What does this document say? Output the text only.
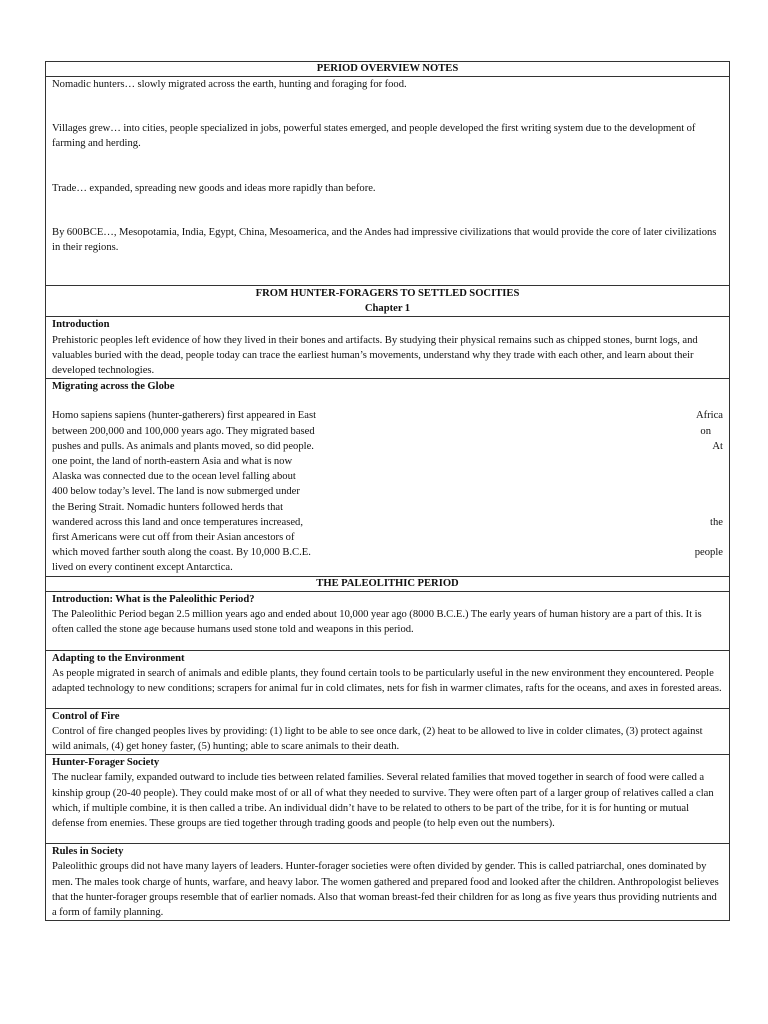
PERIOD OVERVIEW NOTES

Nomadic hunters… slowly migrated across the earth, hunting and foraging for food.

Villages grew… into cities, people specialized in jobs, powerful states emerged, and people developed the first writing system due to the development of farming and herding.

Trade… expanded, spreading new goods and ideas more rapidly than before.

By 600BCE…, Mesopotamia, India, Egypt, China, Mesoamerica, and the Andes had impressive civilizations that would provide the core of later civilizations in their regions.

FROM HUNTER-FORAGERS TO SETTLED SOCITIES
Chapter 1

Introduction

Prehistoric peoples left evidence of how they lived in their bones and artifacts. By studying their physical remains such as chipped stones, burnt logs, and valuables buried with the dead, people today can trace the earliest human’s movements, understand why they trade with each other, and learn about their developed technologies.

Migrating across the Globe
Homo sapiens sapiens (hunter-gatherers) first appeared in East	Africa
between 200,000 and 100,000 years ago. They migrated based	on
pushes and pulls. As animals and plants moved, so did people.	At
one point, the land of north-eastern Asia and what is now
Alaska was connected due to the ocean level falling about
400 below today’s level. The land is now submerged under
the Bering Strait. Nomadic hunters followed herds that
wandered across this land and once temperatures increased,	the
first Americans were cut off from their Asian ancestors of
which moved farther south along the coast. By 10,000 B.C.E.	people
lived on every continent except Antarctica.

THE PALEOLITHIC PERIOD

Introduction: What is the Paleolithic Period?

The Paleolithic Period began 2.5 million years ago and ended about 10,000 year ago (8000 B.C.E.) The early years of human history are a part of this. It is often called the stone age because humans used stone told and weapons in this period.

Adapting to the Environment

As people migrated in search of animals and edible plants, they found certain tools to be particularly useful in the new environment they encountered. People adapted technology to new conditions; scrapers for animal fur in cold climates, nets for fish in warmer climates, rafts for the oceans, and axes in forested areas.

Control of Fire

Control of fire changed peoples lives by providing: (1) light to be able to see once dark, (2) heat to be allowed to live in colder climates, (3) protect against wild animals, (4) get honey faster, (5) hunting; able to scare animals to their death.

Hunter-Forager Society

The nuclear family, expanded outward to include ties between related families. Several related families that moved together in search of food were called a kinship group (20-40 people). They could make most of or all of what they needed to survive. They were often part of a larger group of relatives called a clan which, if multiple combine, it is then called a tribe. An individual didn’t have to be related to others to be part of the tribe, for it is for hunting or mutual defense from enemies. These groups are tied together through trading goods and people (to help even out the numbers).

Rules in Society

Paleolithic groups did not have many layers of leaders. Hunter-forager societies were often divided by gender. This is called patriarchal, ones dominated by men. The males took charge of hunts, warfare, and heavy labor. The women gathered and prepared food and looked after the children. Anthropologist believes that the hunter-forager groups resemble that of earlier nomads. Also that woman breast-fed their children for as long as five years thus providing nutrients and a form of family planning.
